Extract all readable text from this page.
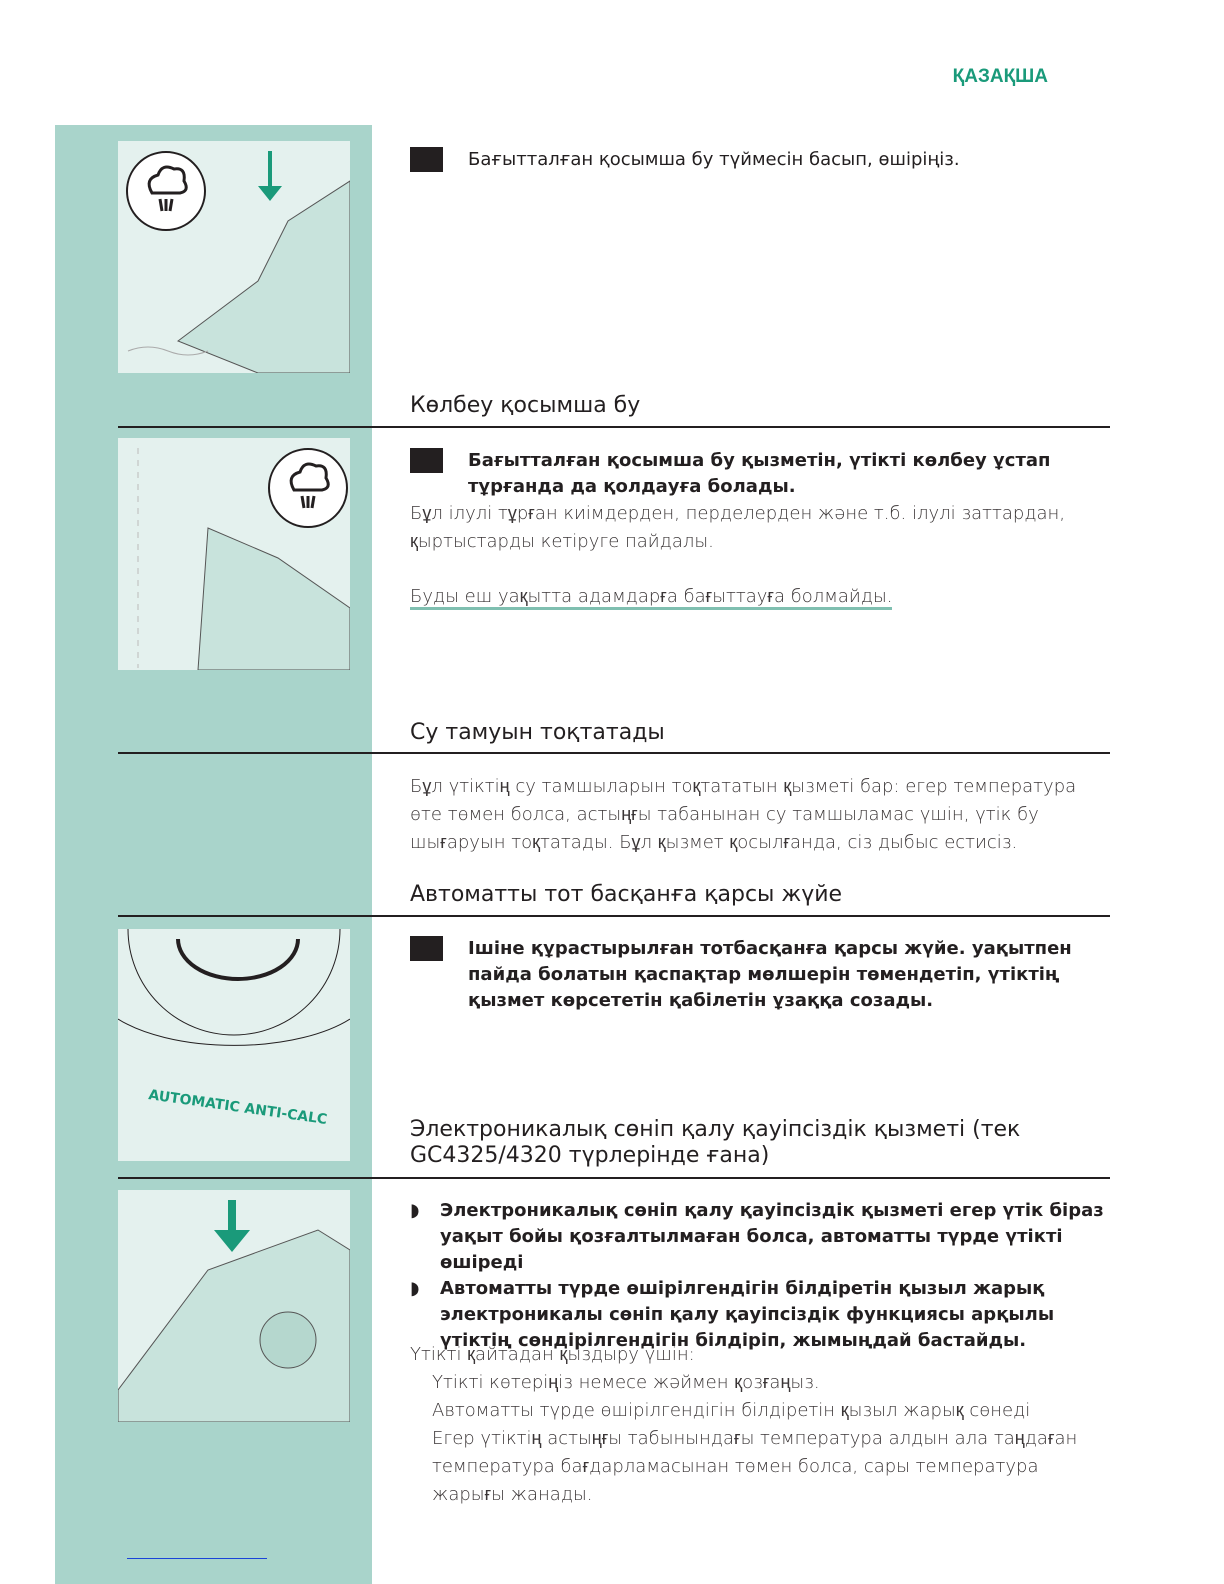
ҚАЗАҚША
Бағытталған қосымша бу түймесін басып, өшіріңіз.
Көлбеу қосымша бу
Бағытталған қосымша бу қызметін, үтікті көлбеу ұстап тұрғанда да қолдауға болады.
Бұл ілулі тұрған киімдерден, перделерден және т.б. ілулі заттардан, қыртыстарды кетіруге пайдалы.
Буды еш уақытта адамдарға бағыттауға болмайды.
Су тамуын тоқтатады
Бұл үтіктің су тамшыларын тоқтататын қызметі бар: егер температура өте төмен болса, астыңғы табанынан су тамшыламас үшін, үтік бу шығаруын тоқтатады. Бұл қызмет қосылғанда, сіз дыбыс естисіз.
Автоматты тот басқанға қарсы жүйе
AUTOMATIC ANTI-CALC
Ішіне құрастырылған тотбасқанға қарсы жүйе. уақытпен пайда болатын қаспақтар мөлшерін төмендетіп, үтіктің қызмет көрсететін қабілетін ұзаққа созады.
Электроникалық сөніп қалу қауіпсіздік қызметі (тек GC4325/4320 түрлерінде ғана)
◗ Электроникалық сөніп қалу қауіпсіздік қызметі егер үтік біраз уақыт бойы қозғалтылмаған болса, автоматты түрде үтікті өшіреді
◗ Автоматты түрде өшірілгендігін білдіретін қызыл жарық электроникалы сөніп қалу қауіпсіздік функциясы арқылы үтіктің сөндірілгендігін білдіріп, жымыңдай бастайды.
Үтікті қайтадан қыздыру үшін:
Үтікті көтеріңіз немесе жәймен қозғаңыз.
Автоматты түрде өшірілгендігін білдіретін қызыл жарық сөнеді
Егер үтіктің астыңғы табынындағы температура алдын ала таңдаған температура бағдарламасынан төмен болса, сары температура жарығы жанады.
